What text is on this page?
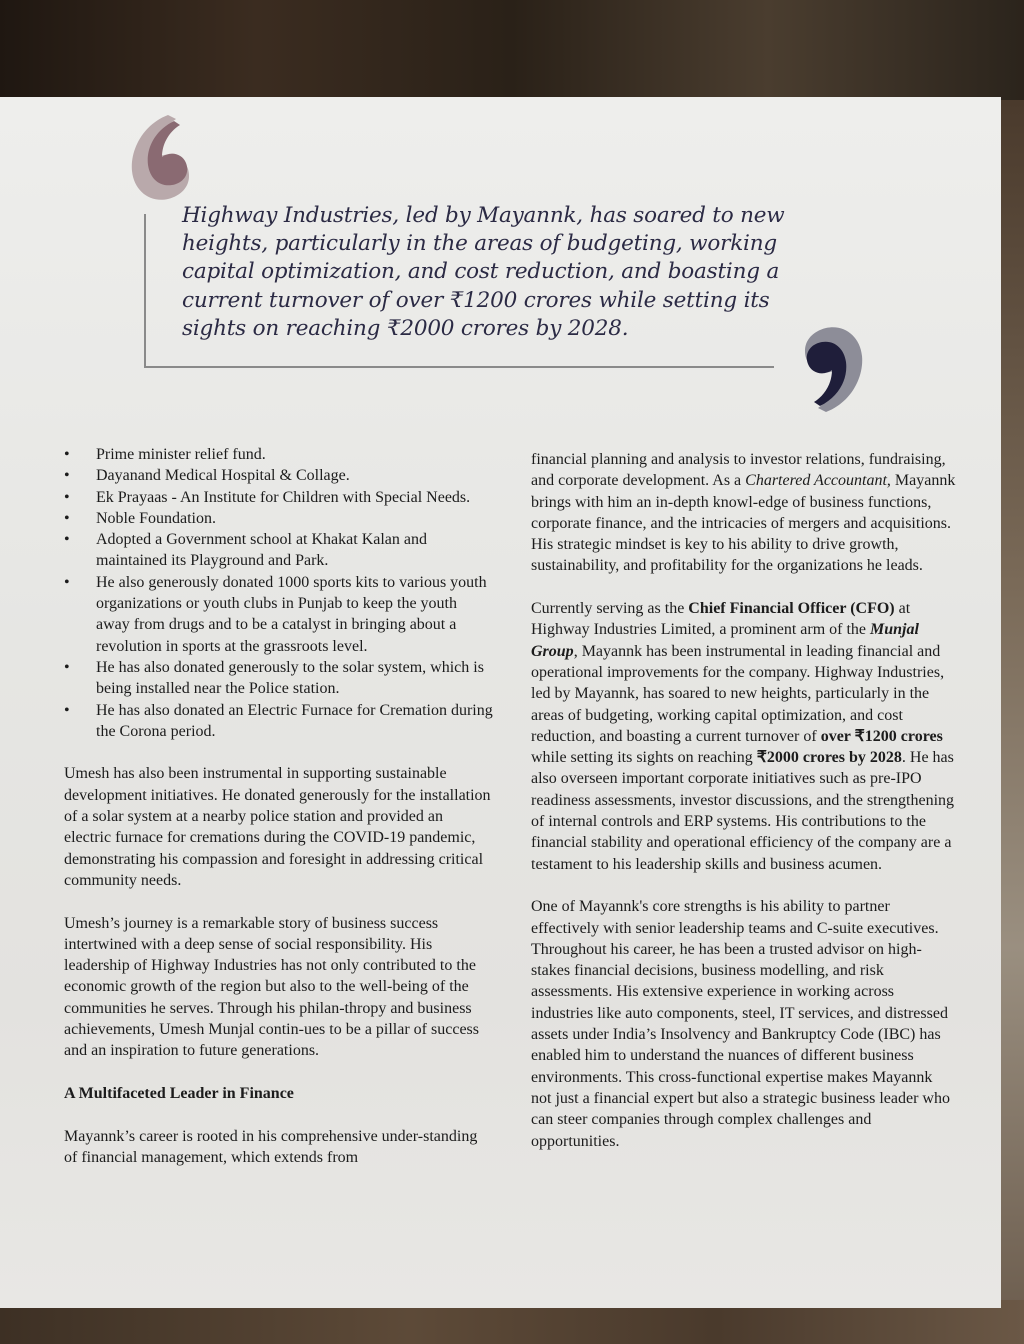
Highway Industries, led by Mayannk, has soared to new heights, particularly in the areas of budgeting, working capital optimization, and cost reduction, and boasting a current turnover of over ₹1200 crores while setting its sights on reaching ₹2000 crores by 2028.
• Prime minister relief fund.
• Dayanand Medical Hospital & Collage.
• Ek Prayaas - An Institute for Children with Special Needs.
• Noble Foundation.
• Adopted a Government school at Khakat Kalan and maintained its Playground and Park.
• He also generously donated 1000 sports kits to various youth organizations or youth clubs in Punjab to keep the youth away from drugs and to be a catalyst in bringing about a revolution in sports at the grassroots level.
• He has also donated generously to the solar system, which is being installed near the Police station.
• He has also donated an Electric Furnace for Cremation during the Corona period.

Umesh has also been instrumental in supporting sustainable development initiatives. He donated generously for the installation of a solar system at a nearby police station and provided an electric furnace for cremations during the COVID-19 pandemic, demonstrating his compassion and foresight in addressing critical community needs.

Umesh’s journey is a remarkable story of business success intertwined with a deep sense of social responsibility. His leadership of Highway Industries has not only contributed to the economic growth of the region but also to the well-being of the communities he serves. Through his philan-thropy and business achievements, Umesh Munjal contin-ues to be a pillar of success and an inspiration to future generations.

A Multifaceted Leader in Finance

Mayannk’s career is rooted in his comprehensive under-standing of financial management, which extends from

financial planning and analysis to investor relations, fundraising, and corporate development. As a Chartered Accountant, Mayannk brings with him an in-depth knowl-edge of business functions, corporate finance, and the intricacies of mergers and acquisitions. His strategic mindset is key to his ability to drive growth, sustainability, and profitability for the organizations he leads.

Currently serving as the Chief Financial Officer (CFO) at Highway Industries Limited, a prominent arm of the Munjal Group, Mayannk has been instrumental in leading financial and operational improvements for the company. Highway Industries, led by Mayannk, has soared to new heights, particularly in the areas of budgeting, working capital optimization, and cost reduction, and boasting a current turnover of over ₹1200 crores while setting its sights on reaching ₹2000 crores by 2028. He has also overseen important corporate initiatives such as pre-IPO readiness assessments, investor discussions, and the strengthening of internal controls and ERP systems. His contributions to the financial stability and operational efficiency of the company are a testament to his leadership skills and business acumen.

One of Mayannk's core strengths is his ability to partner effectively with senior leadership teams and C-suite executives. Throughout his career, he has been a trusted advisor on high-stakes financial decisions, business modelling, and risk assessments. His extensive experience in working across industries like auto components, steel, IT services, and distressed assets under India’s Insolvency and Bankruptcy Code (IBC) has enabled him to understand the nuances of different business environments. This cross-functional expertise makes Mayannk not just a financial expert but also a strategic business leader who can steer companies through complex challenges and opportunities.
